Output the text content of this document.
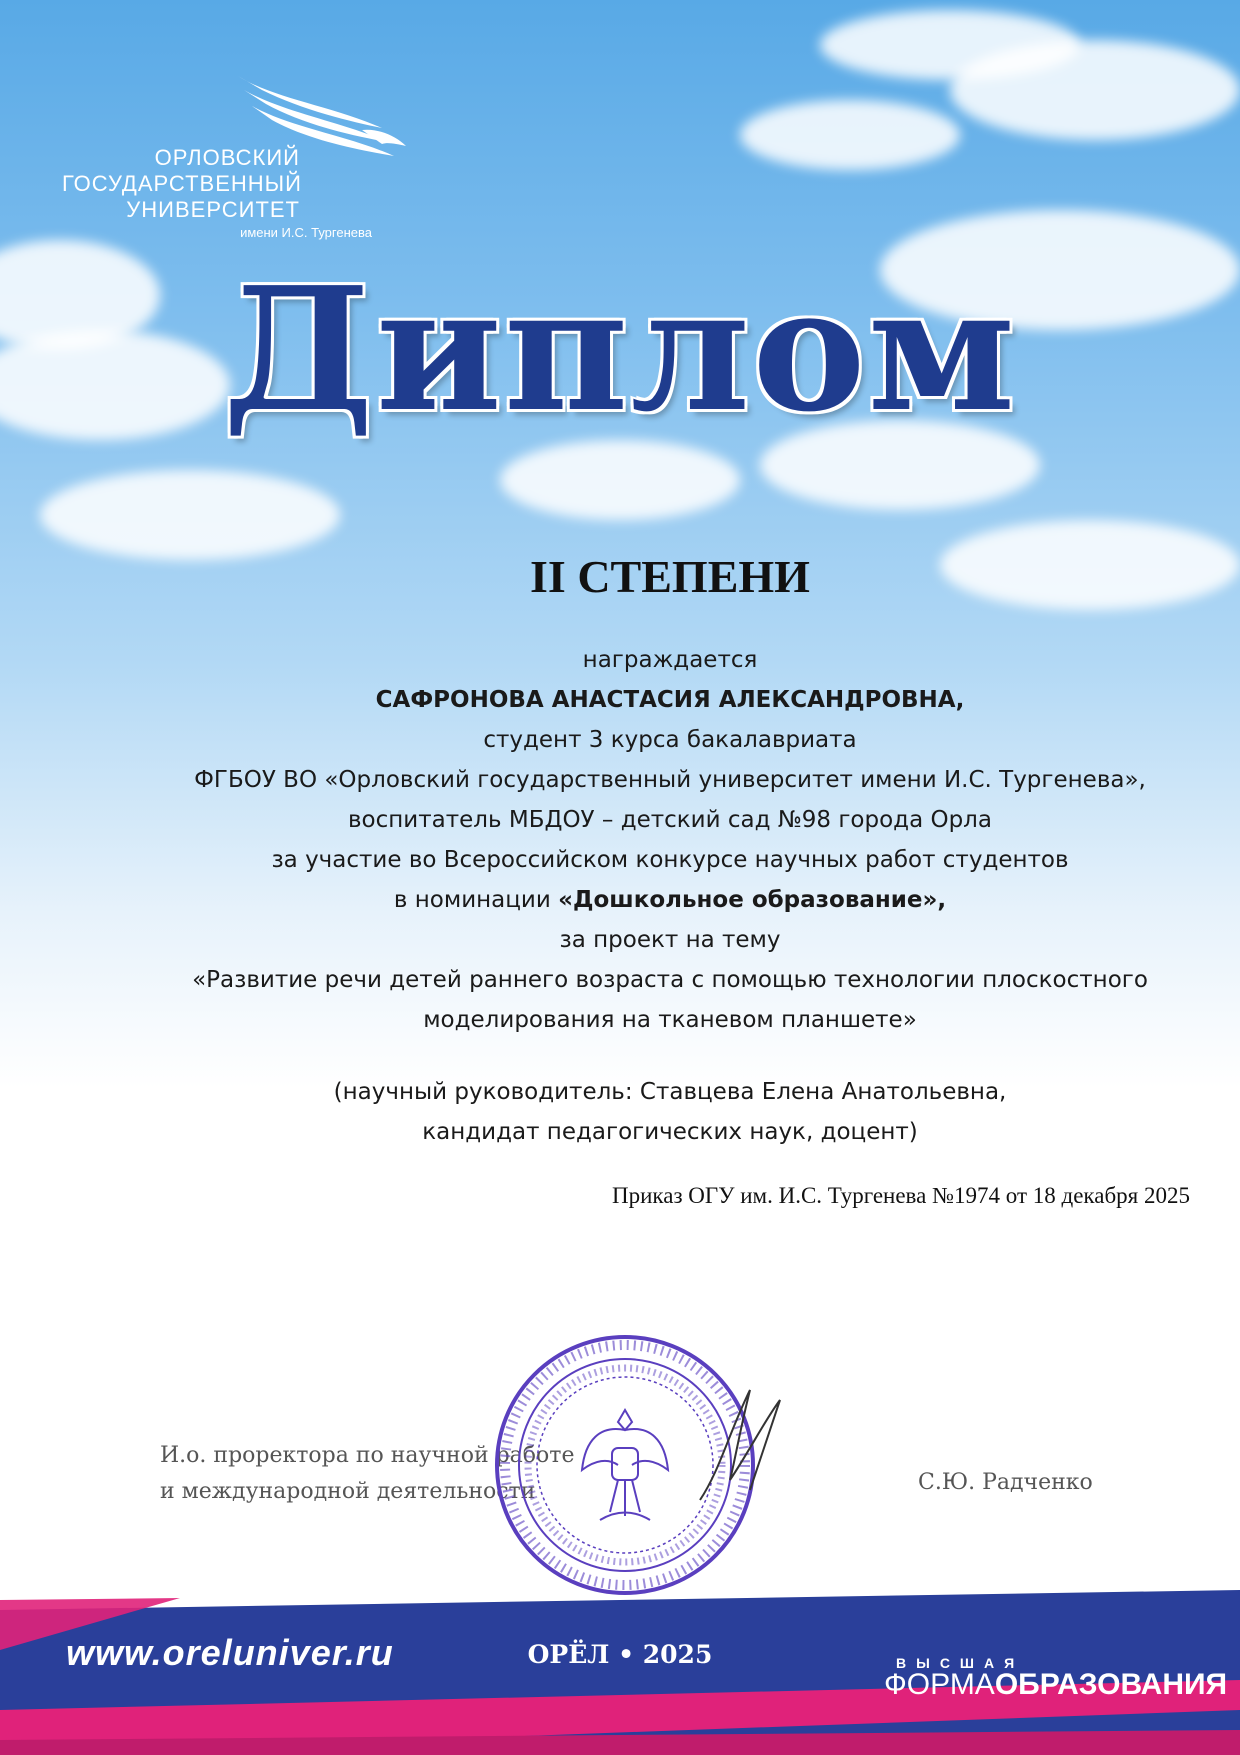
ОРЛОВСКИЙ
ГОСУДАРСТВЕННЫЙ
УНИВЕРСИТЕТ
имени И.С. Тургенева
Диплом
II СТЕПЕНИ
награждается
САФРОНОВА АНАСТАСИЯ АЛЕКСАНДРОВНА,
студент 3 курса бакалавриата
ФГБОУ ВО «Орловский государственный университет имени И.С. Тургенева»,
воспитатель МБДОУ – детский сад №98 города Орла
за участие во Всероссийском конкурсе научных работ студентов
в номинации «Дошкольное образование»,
за проект на тему
«Развитие речи детей раннего возраста с помощью технологии плоскостного
моделирования на тканевом планшете»
(научный руководитель: Ставцева Елена Анатольевна,
кандидат педагогических наук, доцент)
Приказ ОГУ им. И.С. Тургенева №1974 от 18 декабря 2025
И.о. проректора по научной работе
и международной деятельности	С.Ю. Радченко
www.oreluniver.ru	ОРЁЛ • 2025	ВЫСШАЯ
ФОРМАОБРАЗОВАНИЯ
